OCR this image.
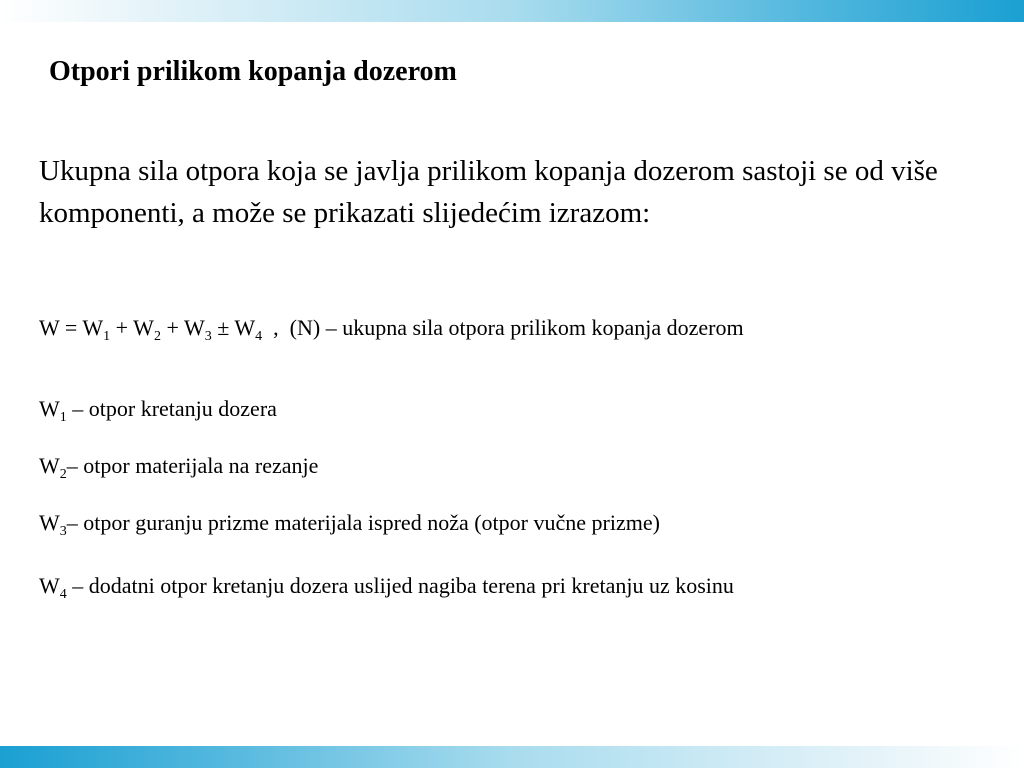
Otpori prilikom kopanja dozerom

Ukupna sila otpora koja se javlja prilikom kopanja dozerom sastoji se od više komponenti, a može se prikazati slijedećim izrazom:

$W = W_1 + W_2 + W_3 \pm W_4$  ,  (N) – ukupna sila otpora prilikom kopanja dozerom

$W_1$ – otpor kretanju dozera

$W_2-$ otpor materijala na rezanje

$W_3-$ otpor guranju prizme materijala ispred noža (otpor vučne prizme)

$W_4$ – dodatni otpor kretanju dozera uslijed nagiba terena pri kretanju uz kosinu
